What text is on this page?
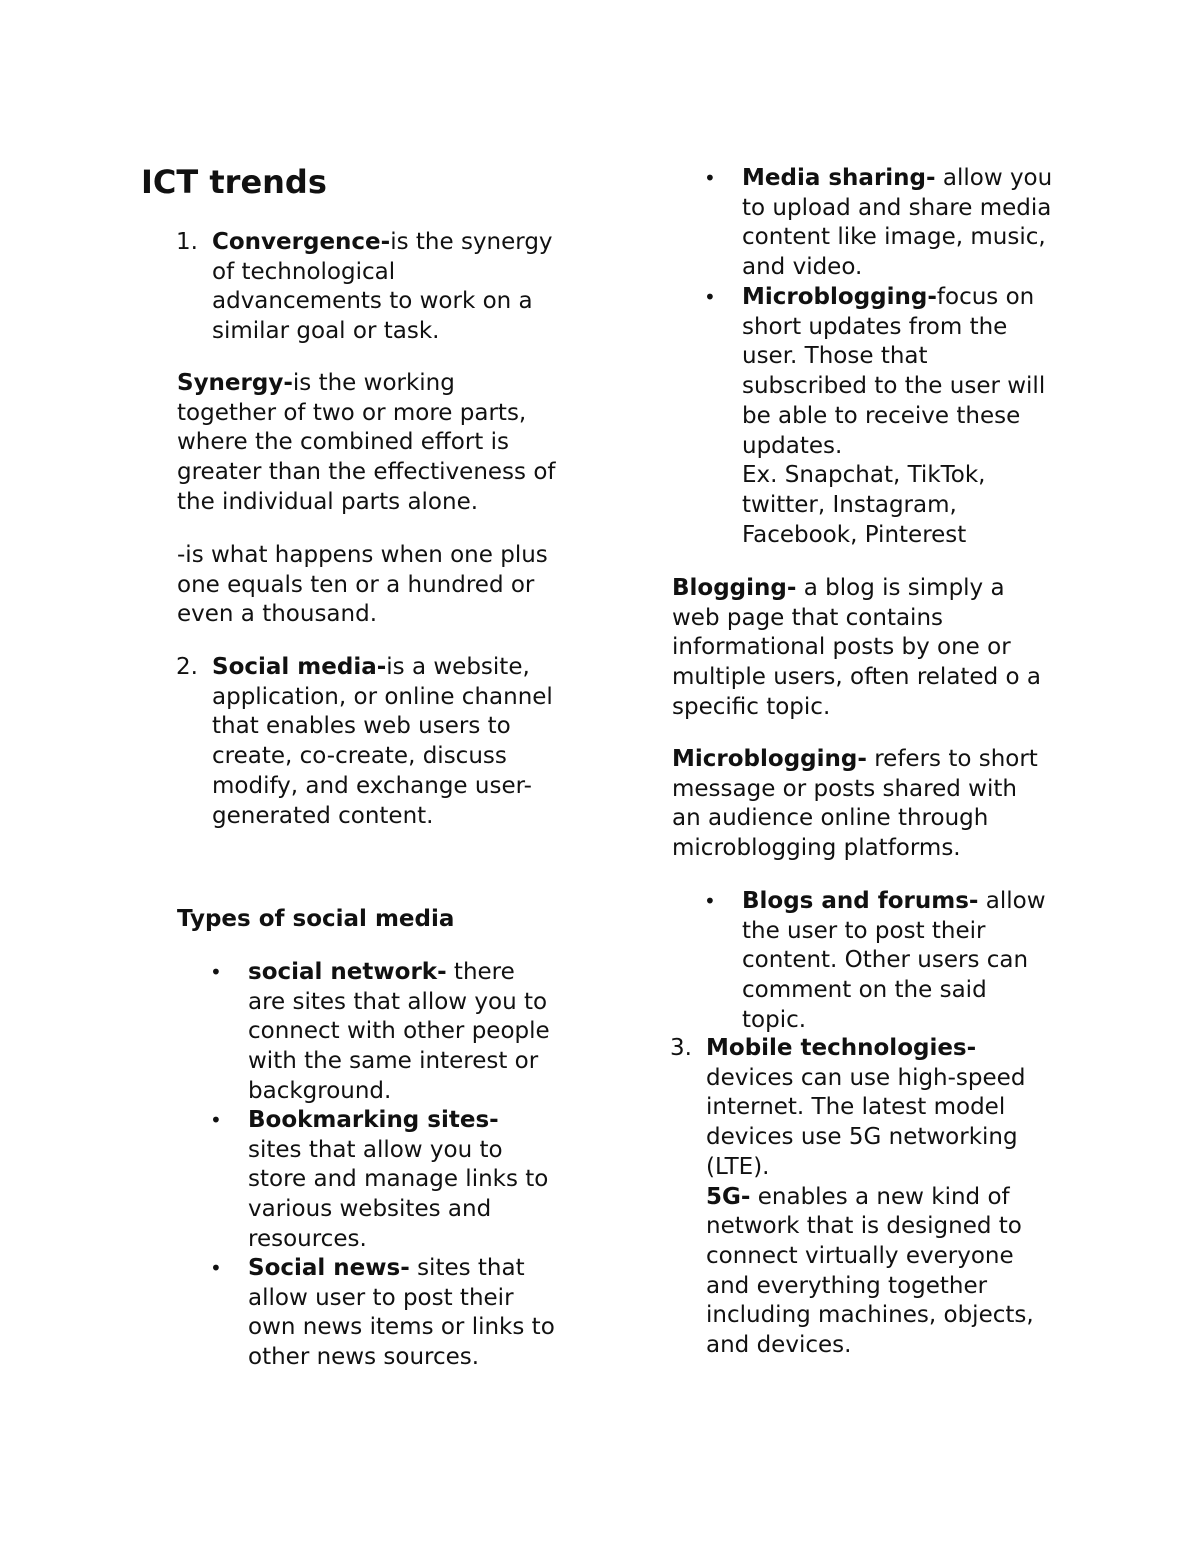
ICT trends
1. Convergence-is the synergy
of technological
advancements to work on a
similar goal or task.
Synergy-is the working
together of two or more parts,
where the combined effort is
greater than the effectiveness of
the individual parts alone.
-is what happens when one plus
one equals ten or a hundred or
even a thousand.
2. Social media-is a website,
application, or online channel
that enables web users to
create, co-create, discuss
modify, and exchange user-
generated content.
Types of social media
• social network- there
are sites that allow you to
connect with other people
with the same interest or
background.
• Bookmarking sites-
sites that allow you to
store and manage links to
various websites and
resources.
• Social news- sites that
allow user to post their
own news items or links to
other news sources.
• Media sharing- allow you
to upload and share media
content like image, music,
and video.
• Microblogging-focus on
short updates from the
user. Those that
subscribed to the user will
be able to receive these
updates.
Ex. Snapchat, TikTok,
twitter, Instagram,
Facebook, Pinterest
Blogging- a blog is simply a
web page that contains
informational posts by one or
multiple users, often related o a
specific topic.
Microblogging- refers to short
message or posts shared with
an audience online through
microblogging platforms.
• Blogs and forums- allow
the user to post their
content. Other users can
comment on the said
topic.
3. Mobile technologies-
devices can use high-speed
internet. The latest model
devices use 5G networking
(LTE).
5G- enables a new kind of
network that is designed to
connect virtually everyone
and everything together
including machines, objects,
and devices.
